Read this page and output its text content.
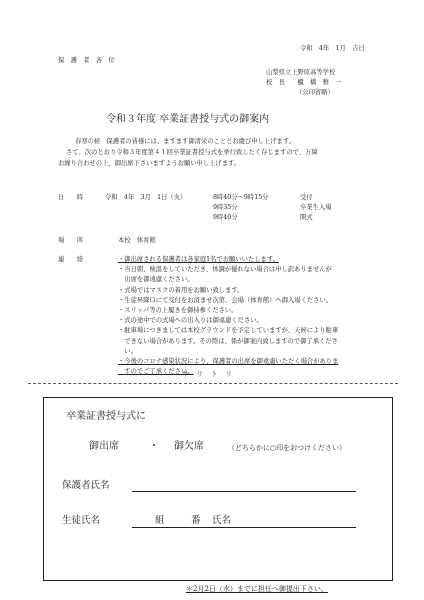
令和　4年　1月　吉日
保　護　者　各　位
山梨県立上野原高等学校
校　長　　櫃　橋　雅　一
（公印省略）
令和３年度 卒業証書授与式の御案内
春寒の候　保護者の皆様には、ますます御清栄のこととお慶び申し上げます。
さて、次のとおり令和３年度第４１回卒業証書授与式を挙行致したく存じますので、万障
お繰り合わせの上、御出席下さいますようお願い申し上げます。
日　　時	令和　4年　3月　1日（火）	8時40分～9時15分	受付
9時35分	卒業生入場
9時40分	開式
場　　所	本校　体育館
連　　絡	・御出席される保護者は各家庭1名でお願いいたします。
・当日朝、検温をしていただき、体調が優れない場合は申し訳ありませんが
　出席を御遠慮ください。
・式場ではマスクの着用をお願い致します。
・生徒昇降口にて受付をお済ませ次第、会場（体育館）へ御入場ください。
・スリッパ等の上履きを御持参ください。
・式の途中での式場への出入りは御遠慮ください。
・駐車場につきましては本校グラウンドを予定していますが、天候により駐車
　できない場合があります。その際は、係が御案内致しますので御了承くださ
　い。
・今後のコロナ感染状況により、保護者の出席を御遠慮いただく場合がありま
　すのでご了承ください。
キ　リ　ト　リ
卒業証書授与式に
御出席	・ 御欠席	（どちらかに○印をおつけください）
保護者氏名
生徒氏名	組	番 氏名
＊2月2日（水）までに担任へ御提出下さい。
